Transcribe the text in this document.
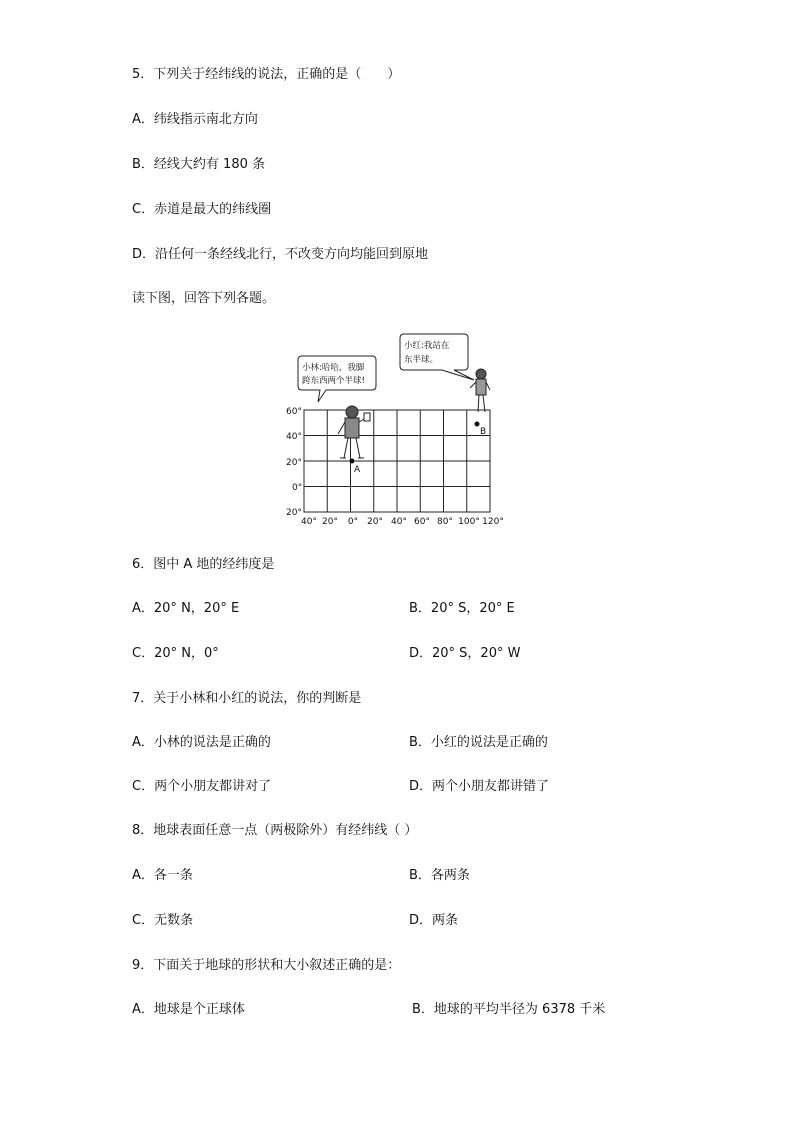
5．下列关于经纬线的说法，正确的是（　　）
A．纬线指示南北方向
B．经线大约有 180 条
C．赤道是最大的纬线圈
D．沿任何一条经线北行，不改变方向均能回到原地
读下图，回答下列各题。
60°
40°
20°
0°
20°
40° 20° 0° 20° 40° 60° 80° 100° 120°
小林:哈哈，我脚
跨东西两个半球!
小红:我站在
东半球。
A
B
6．图中 A 地的经纬度是
A．20° N，20° E	B．20° S，20° E
C．20° N，0°	D．20° S，20° W
7．关于小林和小红的说法，你的判断是
A．小林的说法是正确的	B．小红的说法是正确的
C．两个小朋友都讲对了	D．两个小朋友都讲错了
8．地球表面任意一点（两极除外）有经纬线（ ）
A．各一条	B．各两条
C．无数条	D．两条
9．下面关于地球的形状和大小叙述正确的是：
A．地球是个正球体	B．地球的平均半径为 6378 千米
